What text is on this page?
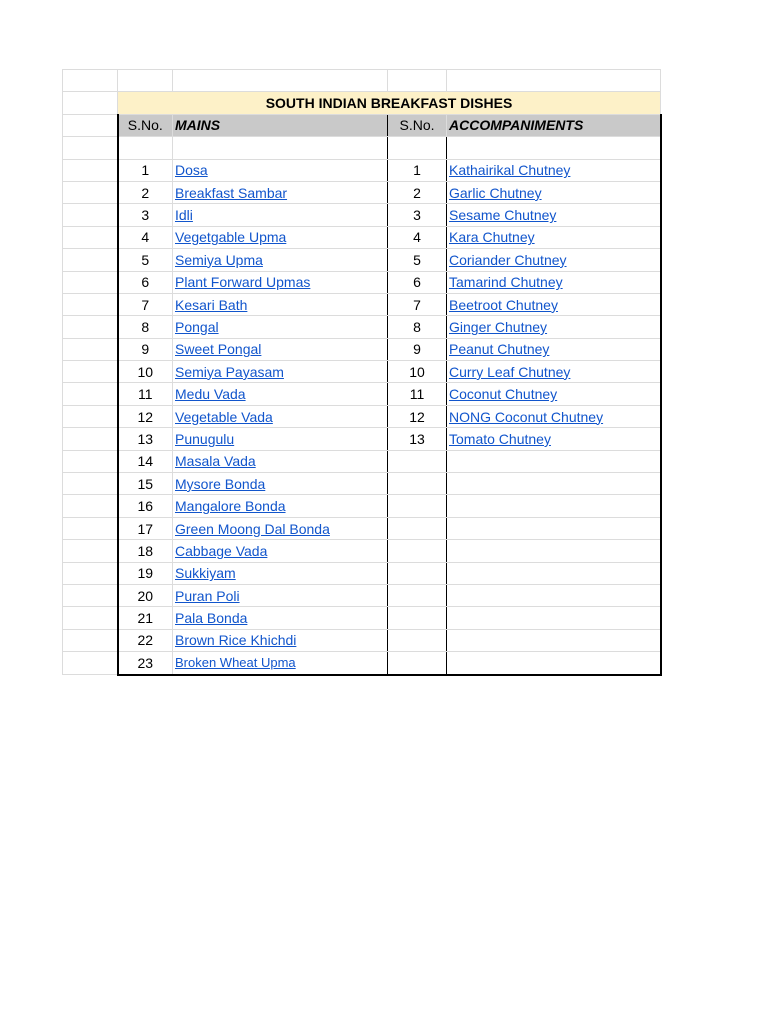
	SOUTH INDIAN BREAKFAST DISHES			
	S.No.	MAINS	S.No.	ACCOMPANIMENTS

	1	Dosa	1	Kathairikal Chutney
	2	Breakfast Sambar	2	Garlic Chutney
	3	Idli	3	Sesame Chutney
	4	Vegetgable Upma	4	Kara Chutney
	5	Semiya Upma	5	Coriander Chutney
	6	Plant Forward Upmas	6	Tamarind Chutney
	7	Kesari Bath	7	Beetroot Chutney
	8	Pongal	8	Ginger Chutney
	9	Sweet Pongal	9	Peanut Chutney
	10	Semiya Payasam	10	Curry Leaf Chutney
	11	Medu Vada	11	Coconut Chutney
	12	Vegetable Vada	12	NONG Coconut Chutney
	13	Punugulu	13	Tomato Chutney
	14	Masala Vada		
	15	Mysore Bonda		
	16	Mangalore Bonda		
	17	Green Moong Dal Bonda		
	18	Cabbage Vada		
	19	Sukkiyam		
	20	Puran Poli		
	21	Pala Bonda		
	22	Brown Rice Khichdi		
	23	Broken Wheat Upma		
